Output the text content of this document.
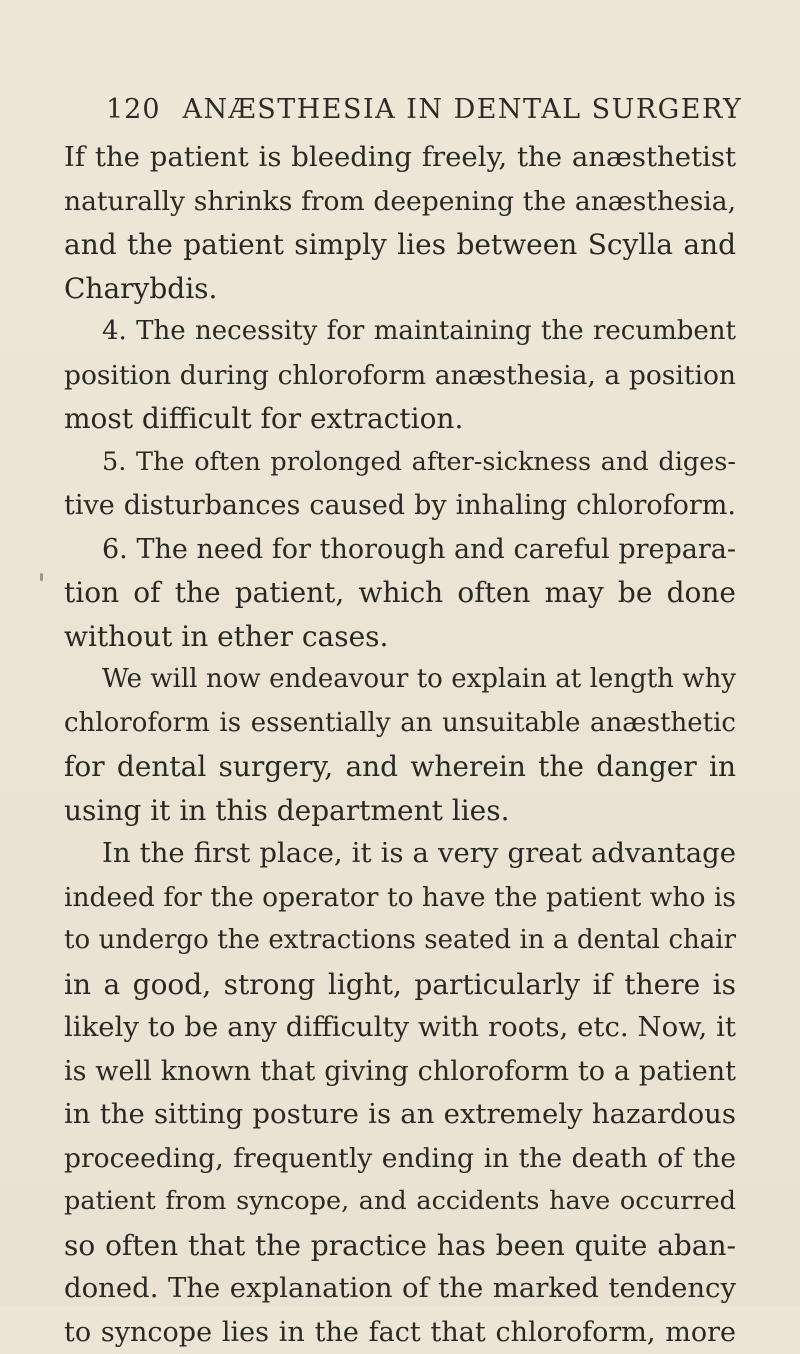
120 ANÆSTHESIA IN DENTAL SURGERY
If the patient is bleeding freely, the anæsthetist
naturally shrinks from deepening the anæsthesia,
and the patient simply lies between Scylla and
Charybdis.
4. The necessity for maintaining the recumbent
position during chloroform anæsthesia, a position
most difficult for extraction.
5. The often prolonged after-sickness and diges-
tive disturbances caused by inhaling chloroform.
6. The need for thorough and careful prepara-
tion of the patient, which often may be done
without in ether cases.
We will now endeavour to explain at length why
chloroform is essentially an unsuitable anæsthetic
for dental surgery, and wherein the danger in
using it in this department lies.
In the first place, it is a very great advantage
indeed for the operator to have the patient who is
to undergo the extractions seated in a dental chair
in a good, strong light, particularly if there is
likely to be any difficulty with roots, etc. Now, it
is well known that giving chloroform to a patient
in the sitting posture is an extremely hazardous
proceeding, frequently ending in the death of the
patient from syncope, and accidents have occurred
so often that the practice has been quite aban-
doned. The explanation of the marked tendency
to syncope lies in the fact that chloroform, more
